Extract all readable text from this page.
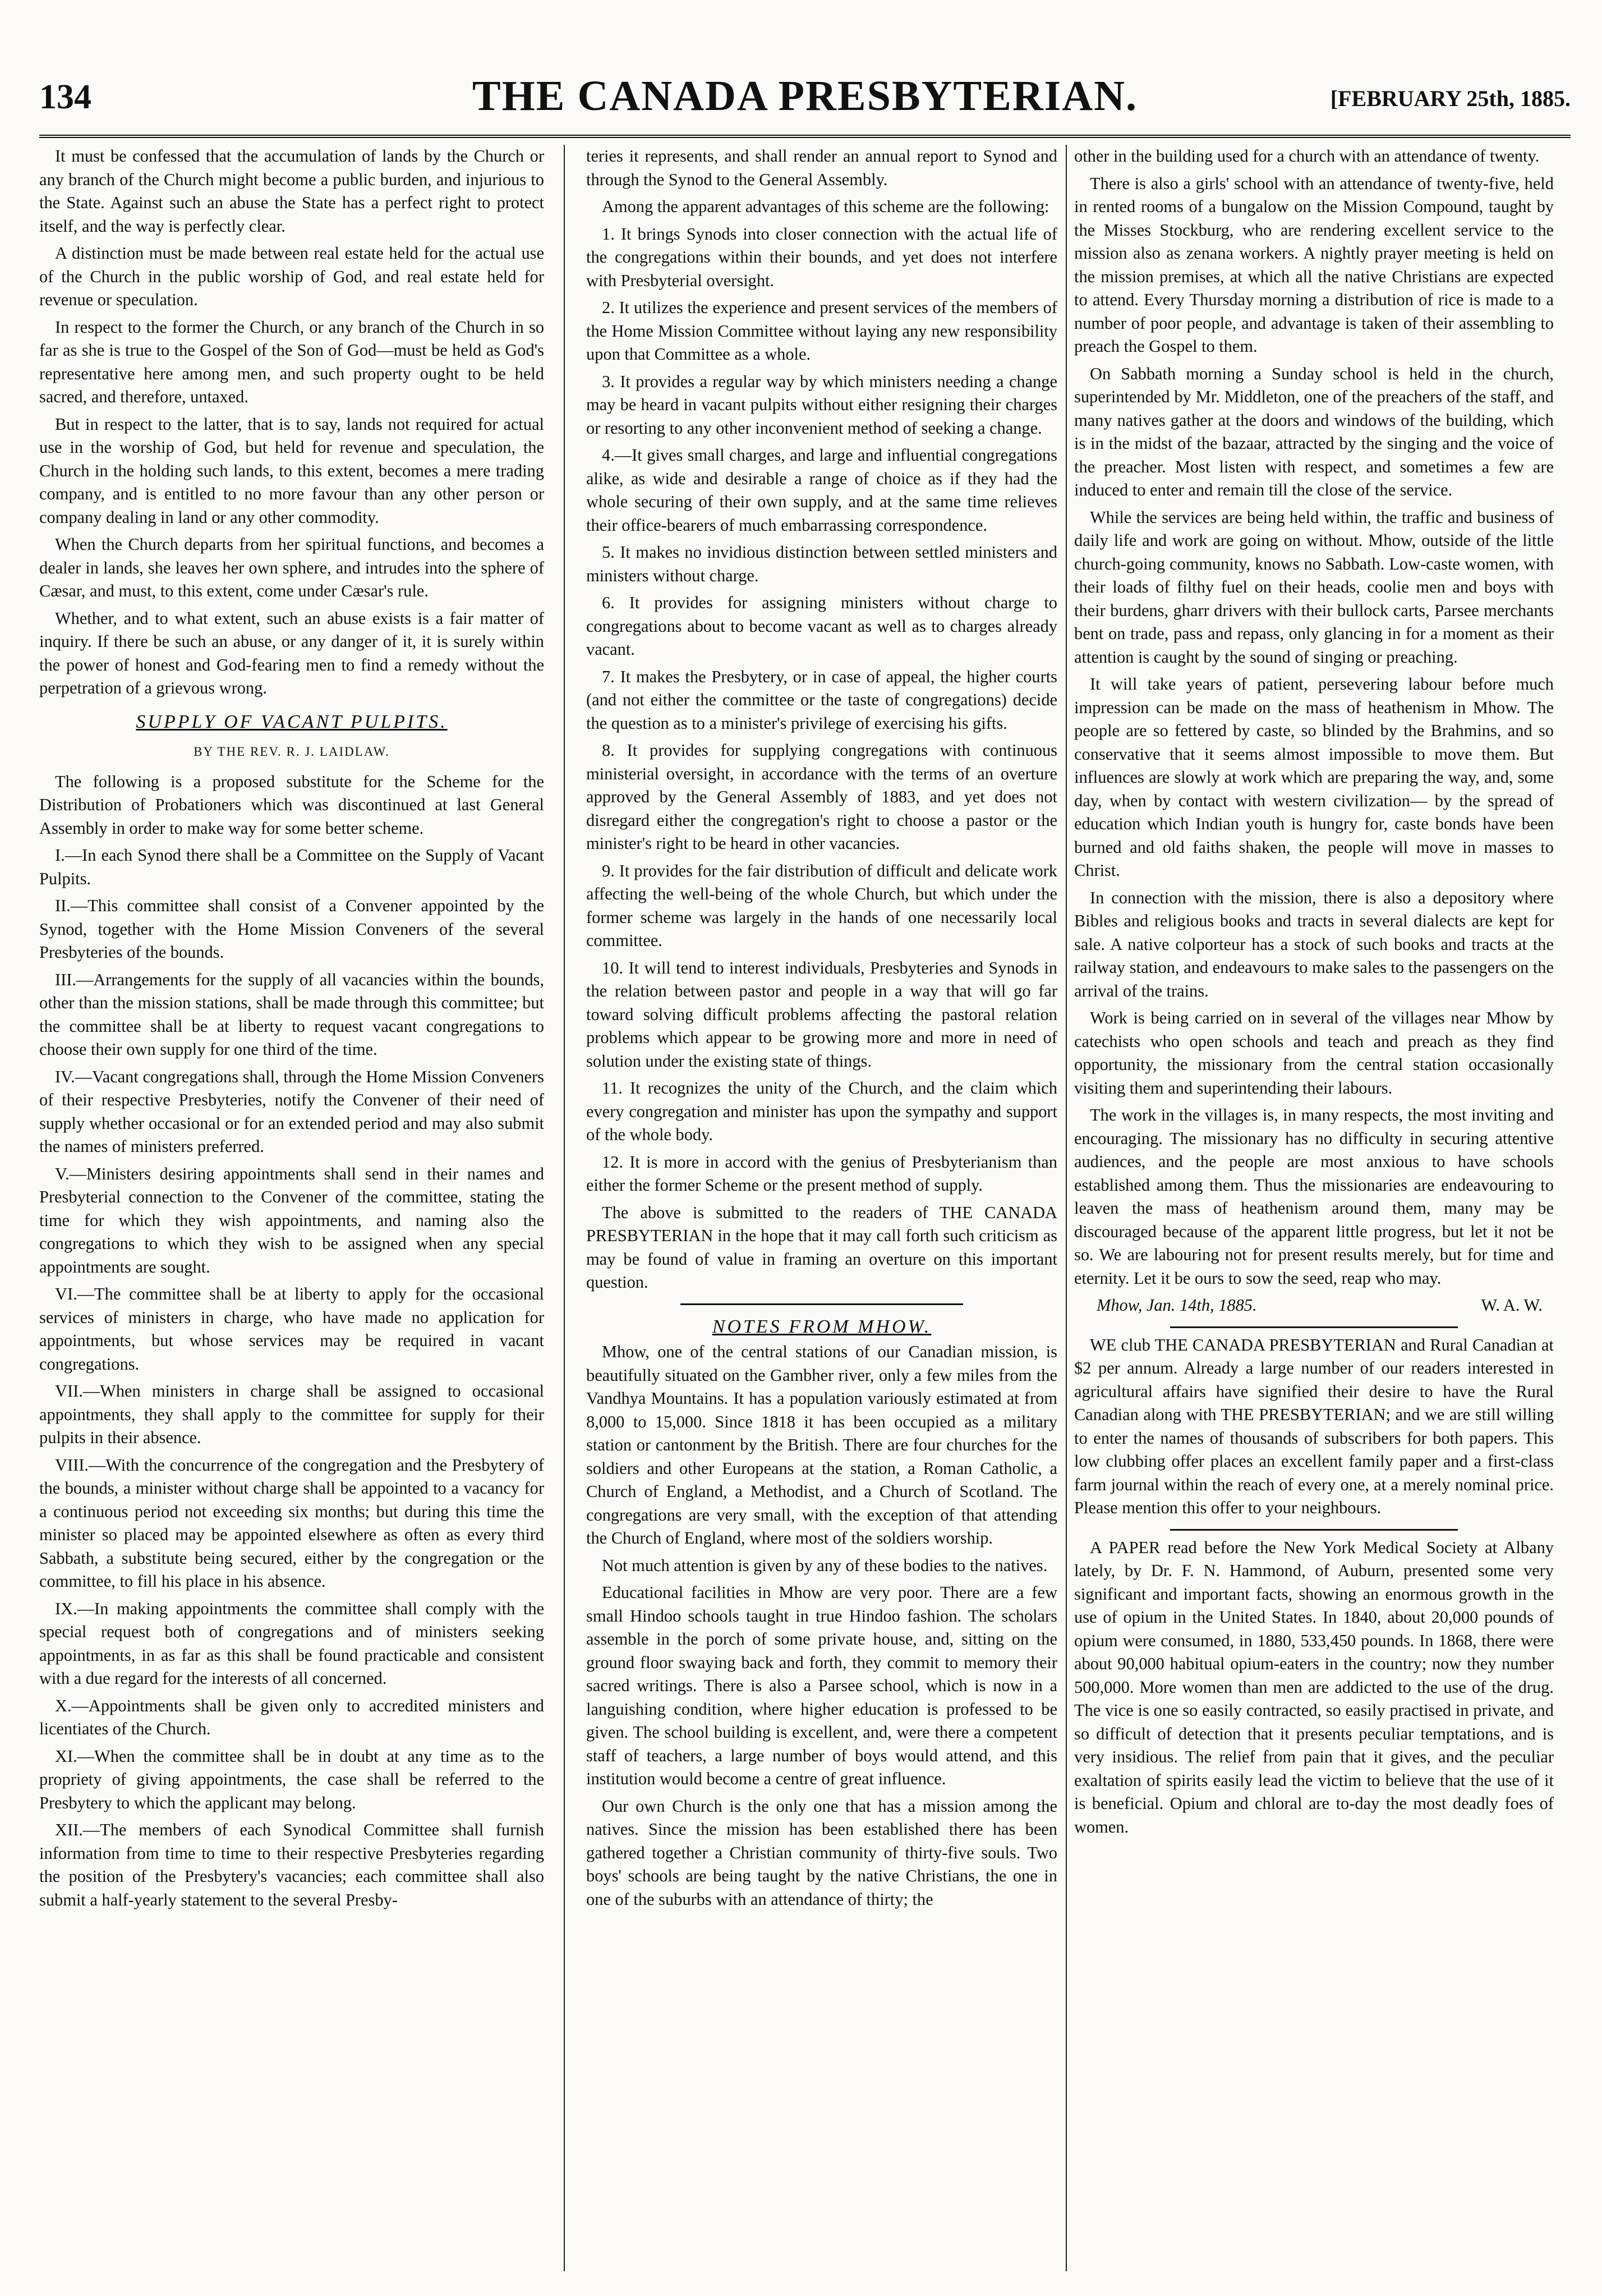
134	THE CANADA PRESBYTERIAN.	[FEBRUARY 25th, 1885.

It must be confessed that the accumulation of lands by the Church or any branch of the Church might become a public burden, and injurious to the State. Against such an abuse the State has a perfect right to protect itself, and the way is perfectly clear.

A distinction must be made between real estate held for the actual use of the Church in the public worship of God, and real estate held for revenue or speculation.

In respect to the former the Church, or any branch of the Church in so far as she is true to the Gospel of the Son of God—must be held as God's representative here among men, and such property ought to be held sacred, and therefore, untaxed.

But in respect to the latter, that is to say, lands not required for actual use in the worship of God, but held for revenue and speculation, the Church in the holding such lands, to this extent, becomes a mere trading company, and is entitled to no more favour than any other person or company dealing in land or any other commodity.

When the Church departs from her spiritual functions, and becomes a dealer in lands, she leaves her own sphere, and intrudes into the sphere of Cæsar, and must, to this extent, come under Cæsar's rule.

Whether, and to what extent, such an abuse exists is a fair matter of inquiry. If there be such an abuse, or any danger of it, it is surely within the power of honest and God-fearing men to find a remedy without the perpetration of a grievous wrong.

SUPPLY OF VACANT PULPITS.
BY THE REV. R. J. LAIDLAW.

The following is a proposed substitute for the Scheme for the Distribution of Probationers which was discontinued at last General Assembly in order to make way for some better scheme.

I.—In each Synod there shall be a Committee on the Supply of Vacant Pulpits.

II.—This committee shall consist of a Convener appointed by the Synod, together with the Home Mission Conveners of the several Presbyteries of the bounds.

III.—Arrangements for the supply of all vacancies within the bounds, other than the mission stations, shall be made through this committee; but the committee shall be at liberty to request vacant congregations to choose their own supply for one third of the time.

IV.—Vacant congregations shall, through the Home Mission Conveners of their respective Presbyteries, notify the Convener of their need of supply whether occasional or for an extended period and may also submit the names of ministers preferred.

V.—Ministers desiring appointments shall send in their names and Presbyterial connection to the Convener of the committee, stating the time for which they wish appointments, and naming also the congregations to which they wish to be assigned when any special appointments are sought.

VI.—The committee shall be at liberty to apply for the occasional services of ministers in charge, who have made no application for appointments, but whose services may be required in vacant congregations.

VII.—When ministers in charge shall be assigned to occasional appointments, they shall apply to the committee for supply for their pulpits in their absence.

VIII.—With the concurrence of the congregation and the Presbytery of the bounds, a minister without charge shall be appointed to a vacancy for a continuous period not exceeding six months; but during this time the minister so placed may be appointed elsewhere as often as every third Sabbath, a substitute being secured, either by the congregation or the committee, to fill his place in his absence.

IX.—In making appointments the committee shall comply with the special request both of congregations and of ministers seeking appointments, in as far as this shall be found practicable and consistent with a due regard for the interests of all concerned.

X.—Appointments shall be given only to accredited ministers and licentiates of the Church.

XI.—When the committee shall be in doubt at any time as to the propriety of giving appointments, the case shall be referred to the Presbytery to which the applicant may belong.

XII.—The members of each Synodical Committee shall furnish information from time to time to their respective Presbyteries regarding the position of the Presbytery's vacancies; each committee shall also submit a half-yearly statement to the several Presby-

teries it represents, and shall render an annual report to Synod and through the Synod to the General Assembly.

Among the apparent advantages of this scheme are the following:

1. It brings Synods into closer connection with the actual life of the congregations within their bounds, and yet does not interfere with Presbyterial oversight.

2. It utilizes the experience and present services of the members of the Home Mission Committee without laying any new responsibility upon that Committee as a whole.

3. It provides a regular way by which ministers needing a change may be heard in vacant pulpits without either resigning their charges or resorting to any other inconvenient method of seeking a change.

4.—It gives small charges, and large and influential congregations alike, as wide and desirable a range of choice as if they had the whole securing of their own supply, and at the same time relieves their office-bearers of much embarrassing correspondence.

5. It makes no invidious distinction between settled ministers and ministers without charge.

6. It provides for assigning ministers without charge to congregations about to become vacant as well as to charges already vacant.

7. It makes the Presbytery, or in case of appeal, the higher courts (and not either the committee or the taste of congregations) decide the question as to a minister's privilege of exercising his gifts.

8. It provides for supplying congregations with continuous ministerial oversight, in accordance with the terms of an overture approved by the General Assembly of 1883, and yet does not disregard either the congregation's right to choose a pastor or the minister's right to be heard in other vacancies.

9. It provides for the fair distribution of difficult and delicate work affecting the well-being of the whole Church, but which under the former scheme was largely in the hands of one necessarily local committee.

10. It will tend to interest individuals, Presbyteries and Synods in the relation between pastor and people in a way that will go far toward solving difficult problems affecting the pastoral relation problems which appear to be growing more and more in need of solution under the existing state of things.

11. It recognizes the unity of the Church, and the claim which every congregation and minister has upon the sympathy and support of the whole body.

12. It is more in accord with the genius of Presbyterianism than either the former Scheme or the present method of supply.

The above is submitted to the readers of THE CANADA PRESBYTERIAN in the hope that it may call forth such criticism as may be found of value in framing an overture on this important question.

NOTES FROM MHOW.

Mhow, one of the central stations of our Canadian mission, is beautifully situated on the Gambher river, only a few miles from the Vandhya Mountains. It has a population variously estimated at from 8,000 to 15,000. Since 1818 it has been occupied as a military station or cantonment by the British. There are four churches for the soldiers and other Europeans at the station, a Roman Catholic, a Church of England, a Methodist, and a Church of Scotland. The congregations are very small, with the exception of that attending the Church of England, where most of the soldiers worship.

Not much attention is given by any of these bodies to the natives.

Educational facilities in Mhow are very poor. There are a few small Hindoo schools taught in true Hindoo fashion. The scholars assemble in the porch of some private house, and, sitting on the ground floor swaying back and forth, they commit to memory their sacred writings. There is also a Parsee school, which is now in a languishing condition, where higher education is professed to be given. The school building is excellent, and, were there a competent staff of teachers, a large number of boys would attend, and this institution would become a centre of great influence.

Our own Church is the only one that has a mission among the natives. Since the mission has been established there has been gathered together a Christian community of thirty-five souls. Two boys' schools are being taught by the native Christians, the one in one of the suburbs with an attendance of thirty; the

other in the building used for a church with an attendance of twenty.

There is also a girls' school with an attendance of twenty-five, held in rented rooms of a bungalow on the Mission Compound, taught by the Misses Stockburg, who are rendering excellent service to the mission also as zenana workers. A nightly prayer meeting is held on the mission premises, at which all the native Christians are expected to attend. Every Thursday morning a distribution of rice is made to a number of poor people, and advantage is taken of their assembling to preach the Gospel to them.

On Sabbath morning a Sunday school is held in the church, superintended by Mr. Middleton, one of the preachers of the staff, and many natives gather at the doors and windows of the building, which is in the midst of the bazaar, attracted by the singing and the voice of the preacher. Most listen with respect, and sometimes a few are induced to enter and remain till the close of the service.

While the services are being held within, the traffic and business of daily life and work are going on without. Mhow, outside of the little church-going community, knows no Sabbath. Low-caste women, with their loads of filthy fuel on their heads, coolie men and boys with their burdens, gharr drivers with their bullock carts, Parsee merchants bent on trade, pass and repass, only glancing in for a moment as their attention is caught by the sound of singing or preaching.

It will take years of patient, persevering labour before much impression can be made on the mass of heathenism in Mhow. The people are so fettered by caste, so blinded by the Brahmins, and so conservative that it seems almost impossible to move them. But influences are slowly at work which are preparing the way, and, some day, when by contact with western civilization— by the spread of education which Indian youth is hungry for, caste bonds have been burned and old faiths shaken, the people will move in masses to Christ.

In connection with the mission, there is also a depository where Bibles and religious books and tracts in several dialects are kept for sale. A native colporteur has a stock of such books and tracts at the railway station, and endeavours to make sales to the passengers on the arrival of the trains.

Work is being carried on in several of the villages near Mhow by catechists who open schools and teach and preach as they find opportunity, the missionary from the central station occasionally visiting them and superintending their labours.

The work in the villages is, in many respects, the most inviting and encouraging. The missionary has no difficulty in securing attentive audiences, and the people are most anxious to have schools established among them. Thus the missionaries are endeavouring to leaven the mass of heathenism around them, many may be discouraged because of the apparent little progress, but let it not be so. We are labouring not for present results merely, but for time and eternity. Let it be ours to sow the seed, reap who may.

Mhow, Jan. 14th, 1885.	W. A. W.

WE club THE CANADA PRESBYTERIAN and Rural Canadian at $2 per annum. Already a large number of our readers interested in agricultural affairs have signified their desire to have the Rural Canadian along with THE PRESBYTERIAN; and we are still willing to enter the names of thousands of subscribers for both papers. This low clubbing offer places an excellent family paper and a first-class farm journal within the reach of every one, at a merely nominal price. Please mention this offer to your neighbours.

A PAPER read before the New York Medical Society at Albany lately, by Dr. F. N. Hammond, of Auburn, presented some very significant and important facts, showing an enormous growth in the use of opium in the United States. In 1840, about 20,000 pounds of opium were consumed, in 1880, 533,450 pounds. In 1868, there were about 90,000 habitual opium-eaters in the country; now they number 500,000. More women than men are addicted to the use of the drug. The vice is one so easily contracted, so easily practised in private, and so difficult of detection that it presents peculiar temptations, and is very insidious. The relief from pain that it gives, and the peculiar exaltation of spirits easily lead the victim to believe that the use of it is beneficial. Opium and chloral are to-day the most deadly foes of women.
